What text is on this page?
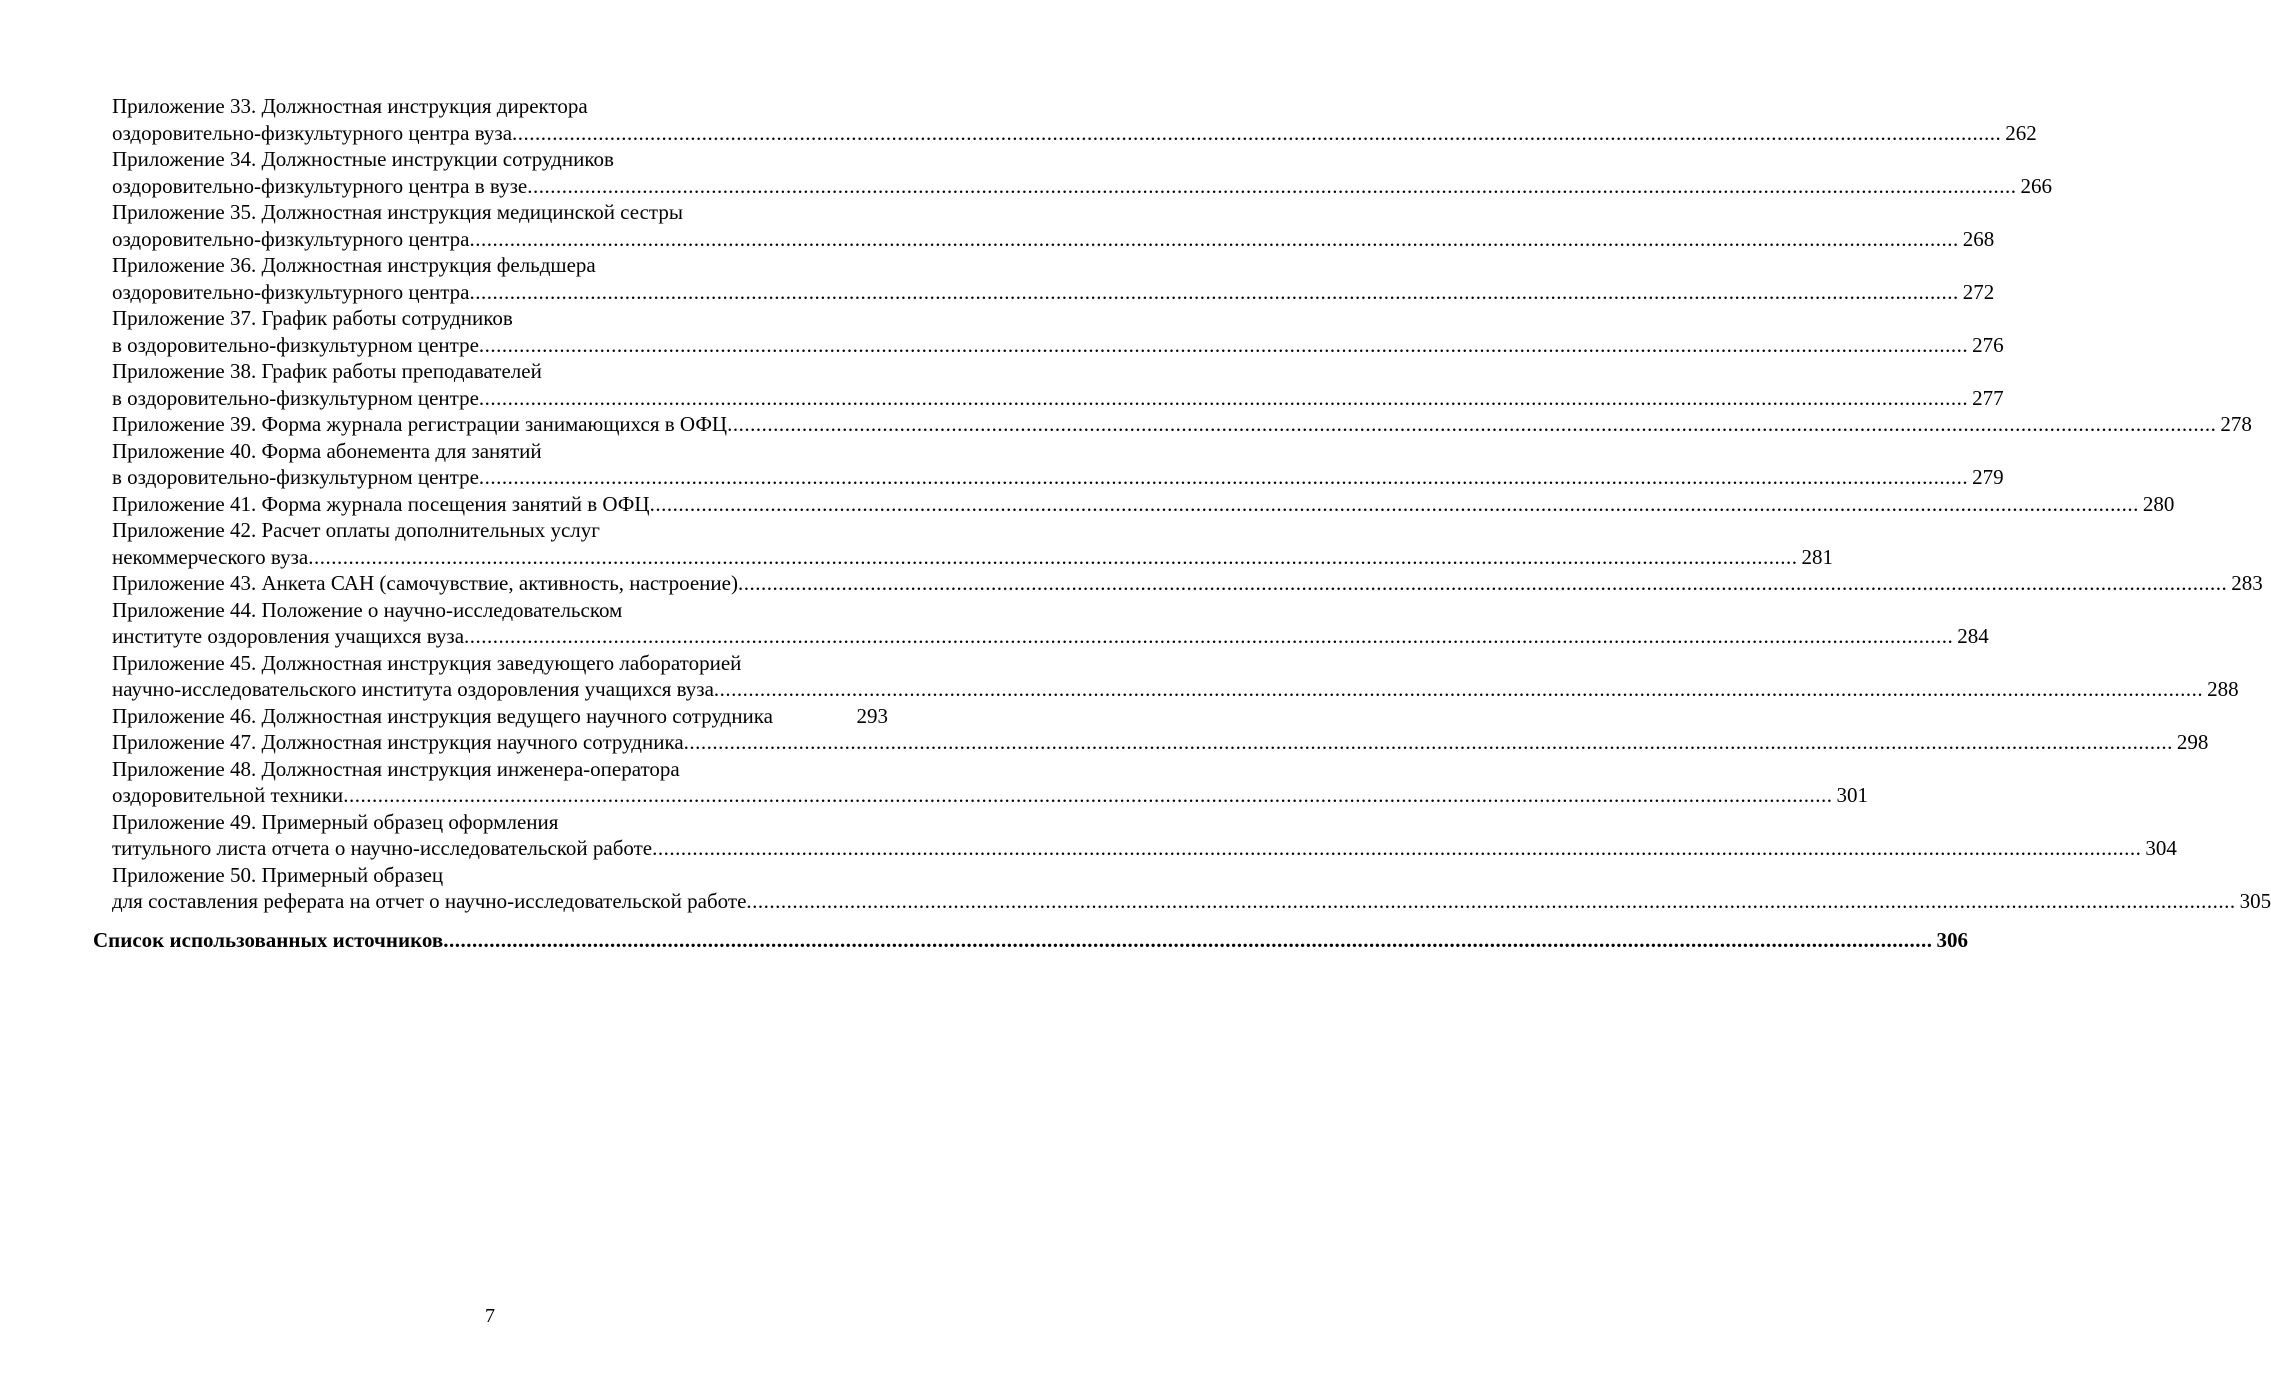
Приложение 33. Должностная инструкция директора
оздоровительно-физкультурного центра вуза .....	262
Приложение 34. Должностные инструкции сотрудников
оздоровительно-физкультурного центра в вузе .....	266
Приложение 35. Должностная инструкция медицинской сестры
оздоровительно-физкультурного центра .....	268
Приложение 36. Должностная инструкция фельдшера
оздоровительно-физкультурного центра .....	272
Приложение 37. График работы сотрудников
в оздоровительно-физкультурном центре .....	276
Приложение 38. График работы преподавателей
в оздоровительно-физкультурном центре .....	277
Приложение 39. Форма журнала регистрации занимающихся в ОФЦ .....	278
Приложение 40. Форма абонемента для занятий
в оздоровительно-физкультурном центре .....	279
Приложение 41. Форма журнала посещения занятий в ОФЦ .....	280
Приложение 42. Расчет оплаты дополнительных услуг
некоммерческого вуза .....	281
Приложение 43. Анкета САН (самочувствие, активность, настроение) .....	283
Приложение 44. Положение о научно-исследовательском
институте оздоровления учащихся вуза .....	284
Приложение 45. Должностная инструкция заведующего лабораторией
научно-исследовательского института оздоровления учащихся вуза .....	288
Приложение 46. Должностная инструкция ведущего научного сотрудника	293
Приложение 47. Должностная инструкция научного сотрудника .....	298
Приложение 48. Должностная инструкция инженера-оператора
оздоровительной техники .....	301
Приложение 49. Примерный образец оформления
титульного листа отчета о научно-исследовательской работе .....	304
Приложение 50. Примерный образец
для составления реферата на отчет о научно-исследовательской работе .....	305
Список использованных источников .....	306
7
